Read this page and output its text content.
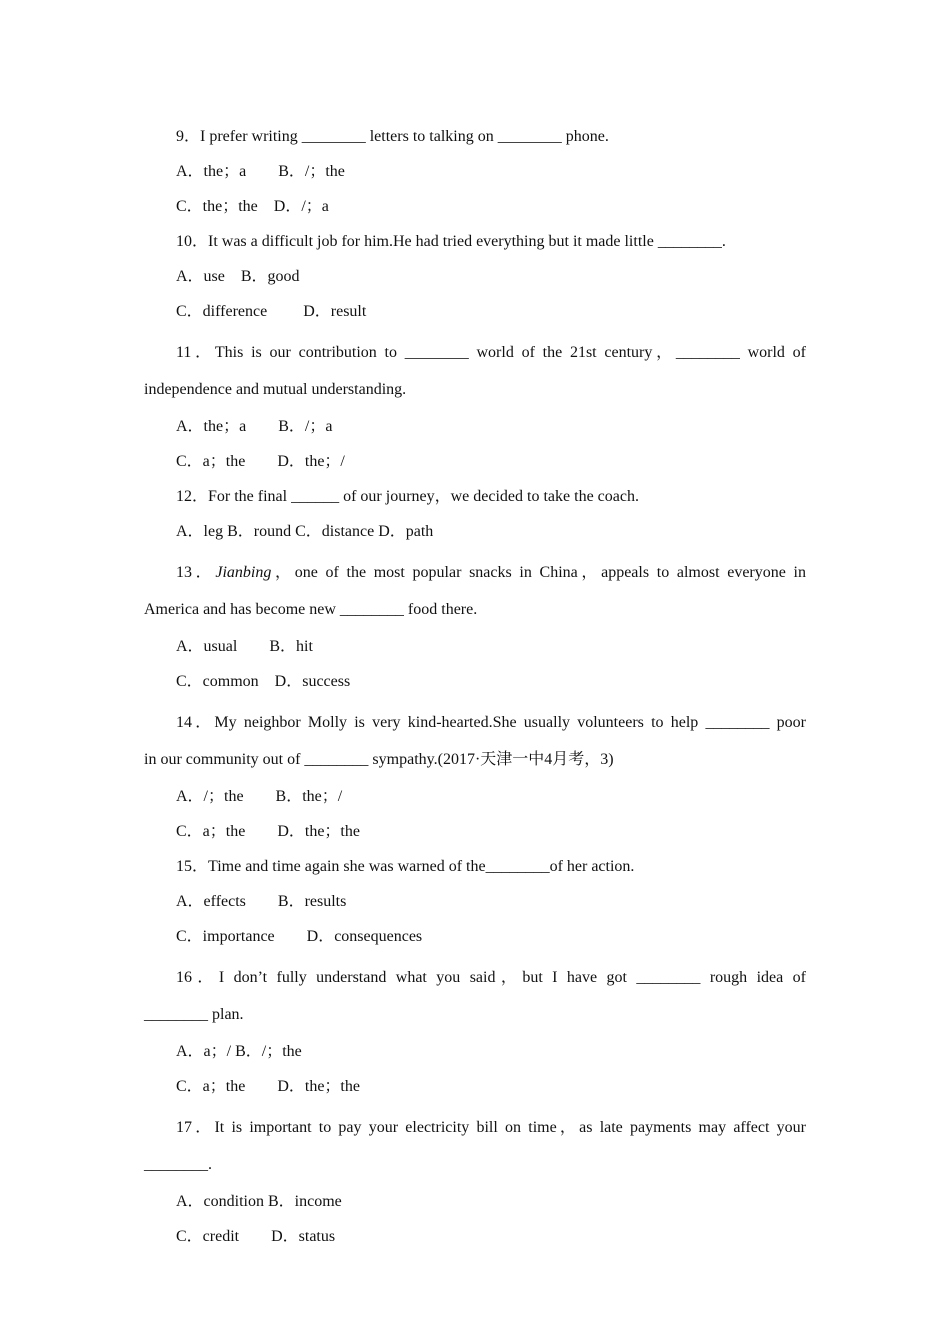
9．I prefer writing ________ letters to talking on ________ phone.
A．the；a　　B．/；the
C．the；the　D．/；a
10．It was a difficult job for him.He had tried everything but it made little ________.
A．use　B．good
C．difference　　 D．result
11．This is our contribution to ________ world of the 21st century，________ world of
independence and mutual understanding.
A．the；a　　B．/；a
C．a；the　　D．the；/
12．For the final ______ of our journey，we decided to take the coach.
A．leg B．round C．distance D．path
13．Jianbing，one of the most popular snacks in China，appeals to almost everyone in
America and has become new ________ food there.
A．usual　　B．hit
C．common　D．success
14．My neighbor Molly is very kind-hearted.She usually volunteers to help ________ poor
in our community out of ________ sympathy.(2017·天津一中4月考，3)
A．/；the　　B．the；/
C．a；the　　D．the；the
15．Time and time again she was warned of the________of her action.
A．effects　　B．results
C．importance　　D．consequences
16．I don’t fully understand what you said，but I have got ________ rough idea of
________ plan.
A．a；/ B．/；the
C．a；the　　D．the；the
17．It is important to pay your electricity bill on time，as late payments may affect your
________.
A．condition B．income
C．credit　　D．status
